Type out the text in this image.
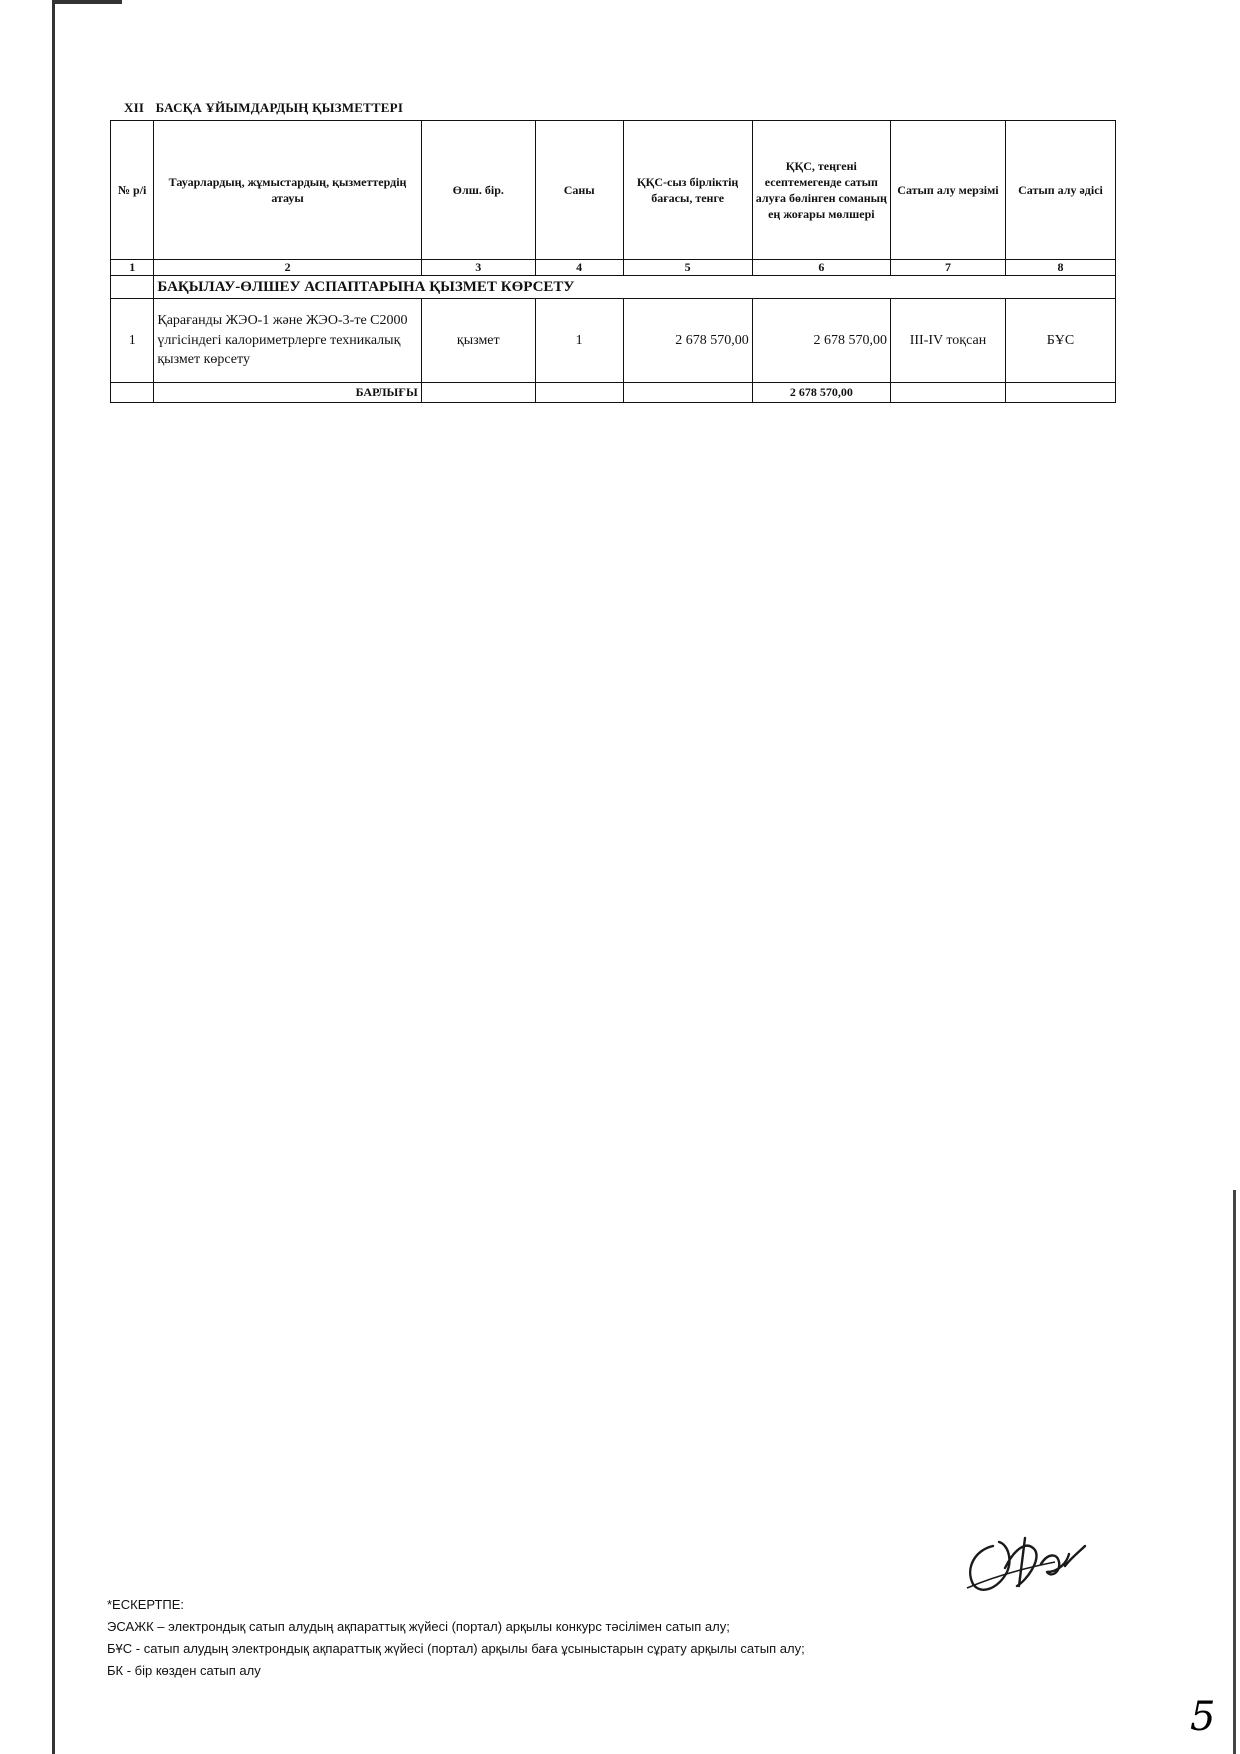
XII БАСҚА ҰЙЫМДАРДЫҢ ҚЫЗМЕТТЕРІ
№ р/і	Тауарлардың, жұмыстардың, қызметтердің атауы	Өлш. бір.	Саны	ҚҚС-сыз бірліктің бағасы, тенге	ҚҚС, теңгені есептемегенде сатып алуға бөлінген соманың ең жоғары мөлшері	Сатып алу мерзімі	Сатып алу әдісі
1	2	3	4	5	6	7	8
	БАҚЫЛАУ-ӨЛШЕУ АСПАПТАРЫНА ҚЫЗМЕТ КӨРСЕТУ						
1	Қарағанды ЖЭО-1 және ЖЭО-3-те С2000 үлгісіндегі калориметрлерге техникалық қызмет көрсету	қызмет	1	2 678 570,00	2 678 570,00	III-IV тоқсан	БҰС
	БАРЛЫҒЫ				2 678 570,00		
*ЕСКЕРТПЕ:
ЭСАЖК – электрондық сатып алудың ақпараттық жүйесі (портал) арқылы конкурс тәсілімен сатып алу;
БҰС - сатып алудың электрондық ақпараттық жүйесі (портал) арқылы баға ұсыныстарын сұрату арқылы сатып алу;
БК - бір көзден сатып алу
5
